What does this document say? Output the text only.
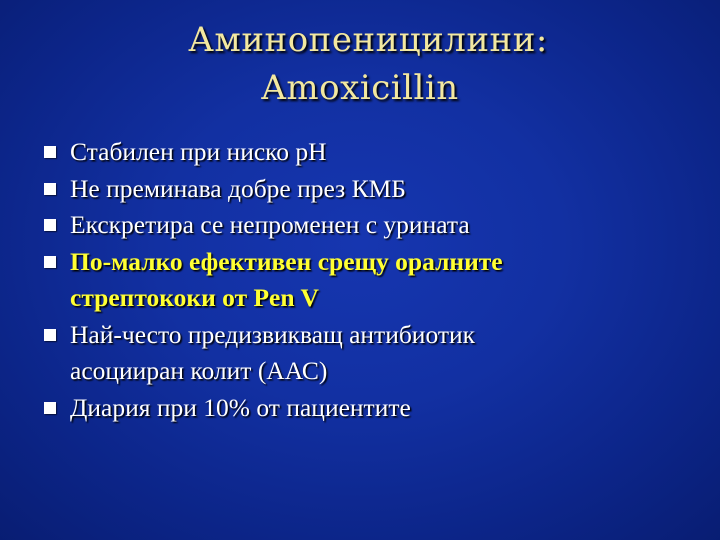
Аминопеницилини:
Amoxicillin
Стабилен при ниско рН
Не преминава добре през КМБ
Екскретира се непроменен с урината
По-малко ефективен срещу оралните
стрептококи от Pen V
Най-често предизвикващ антибиотик
асоцииран колит (ААС)
Диария при 10% от пациентите
